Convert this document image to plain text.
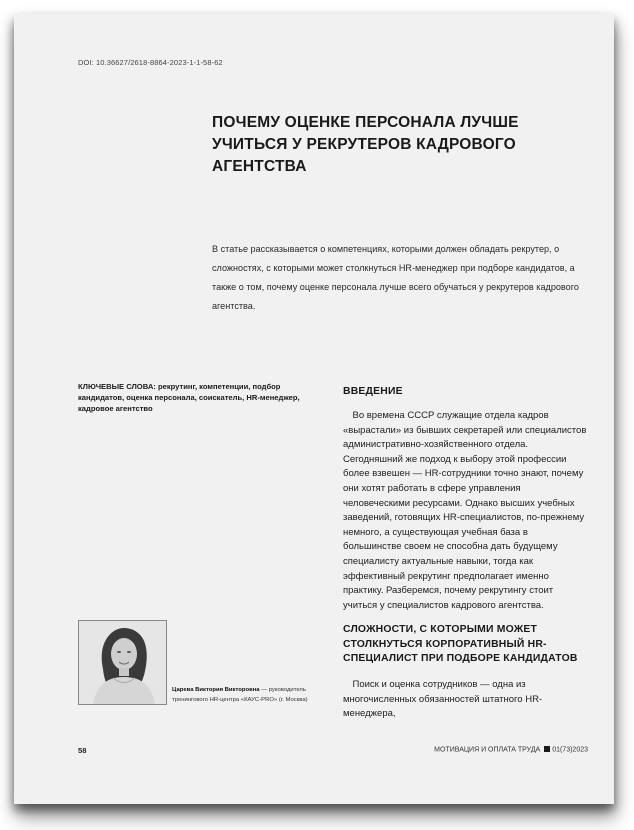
DOI: 10.36627/2618-8864-2023-1-1-58-62
ПОЧЕМУ ОЦЕНКЕ ПЕРСОНАЛА ЛУЧШЕ УЧИТЬСЯ У РЕКРУТЕРОВ КАДРОВОГО АГЕНТСТВА
В статье рассказывается о компетенциях, которыми должен обладать рекрутер, о сложностях, с которыми может столкнуться HR-менеджер при подборе кандидатов, а также о том, почему оценке персонала лучше всего обучаться у рекрутеров кадрового агентства.
КЛЮЧЕВЫЕ СЛОВА: рекрутинг, компетенции, подбор кандидатов, оценка персонала, соискатель, HR-менеджер, кадровое агентство
ВВЕДЕНИЕ
 Во времена СССР служащие отдела кадров «вырастали» из бывших секретарей или специалистов административно-хозяйственного отдела. Сегодняшний же подход к выбору этой профессии более взвешен — HR-сотрудники точно знают, почему они хотят работать в сфере управления человеческими ресурсами. Однако высших учебных заведений, готовящих HR-специалистов, по-прежнему немного, а существующая учебная база в большинстве своем не способна дать будущему специалисту актуальные навыки, тогда как эффективный рекрутинг предполагает именно практику. Разберемся, почему рекрутингу стоит учиться у специалистов кадрового агентства.
СЛОЖНОСТИ, С КОТОРЫМИ МОЖЕТ СТОЛКНУТЬСЯ КОРПОРАТИВНЫЙ HR-СПЕЦИАЛИСТ ПРИ ПОДБОРЕ КАНДИДАТОВ
 Поиск и оценка сотрудников — одна из многочисленных обязанностей штатного HR-менеджера,
Царева Виктория Викторовна — руководитель тренингового HR-центра «КАУС-PRO» (г. Москва)
58	МОТИВАЦИЯ И ОПЛАТА ТРУДА 01(73)2023
